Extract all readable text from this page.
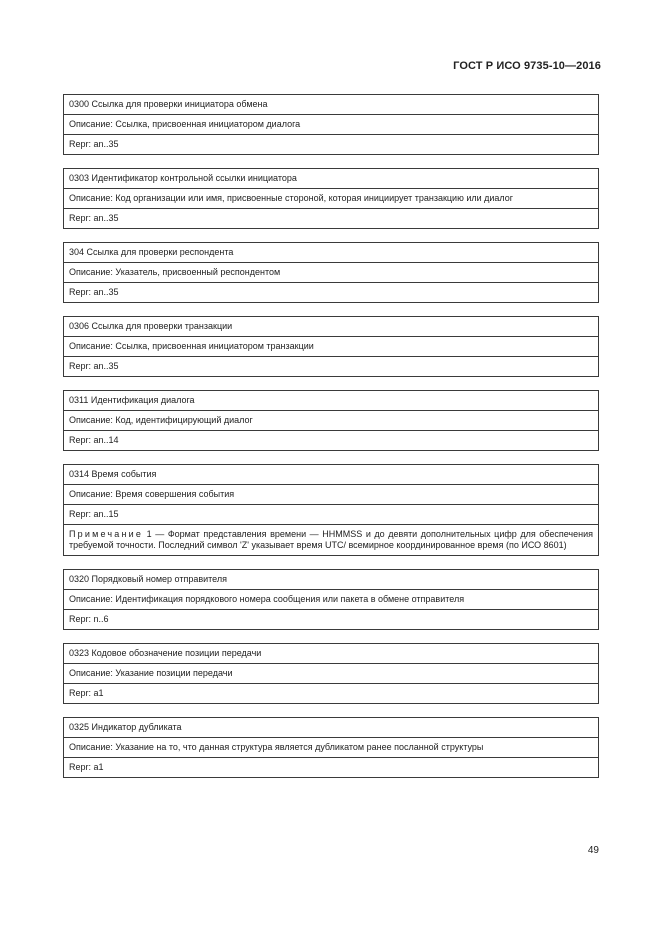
ГОСТ Р ИСО 9735-10—2016
0300 Ссылка для проверки инициатора обмена
Описание: Ссылка, присвоенная инициатором диалога
Repr: an..35
0303 Идентификатор контрольной ссылки инициатора
Описание: Код организации или имя, присвоенные стороной, которая инициирует транзакцию или диалог
Repr: an..35
304 Ссылка для проверки респондента
Описание: Указатель, присвоенный респондентом
Repr: an..35
0306 Ссылка для проверки транзакции
Описание: Ссылка, присвоенная инициатором транзакции
Repr: an..35
0311 Идентификация диалога
Описание: Код, идентифицирующий диалог
Repr: an..14
0314 Время события
Описание: Время совершения события
Repr: an..15
Примечание 1 — Формат представления времени — HHMMSS и до девяти дополнительных цифр для обеспечения требуемой точности. Последний символ 'Z' указывает время UTC/ всемирное координированное время (по ИСО 8601)
0320 Порядковый номер отправителя
Описание: Идентификация порядкового номера сообщения или пакета в обмене отправителя
Repr: n..6
0323 Кодовое обозначение позиции передачи
Описание: Указание позиции передачи
Repr: a1
0325 Индикатор дубликата
Описание: Указание на то, что данная структура является дубликатом ранее посланной структуры
Repr: a1
49
